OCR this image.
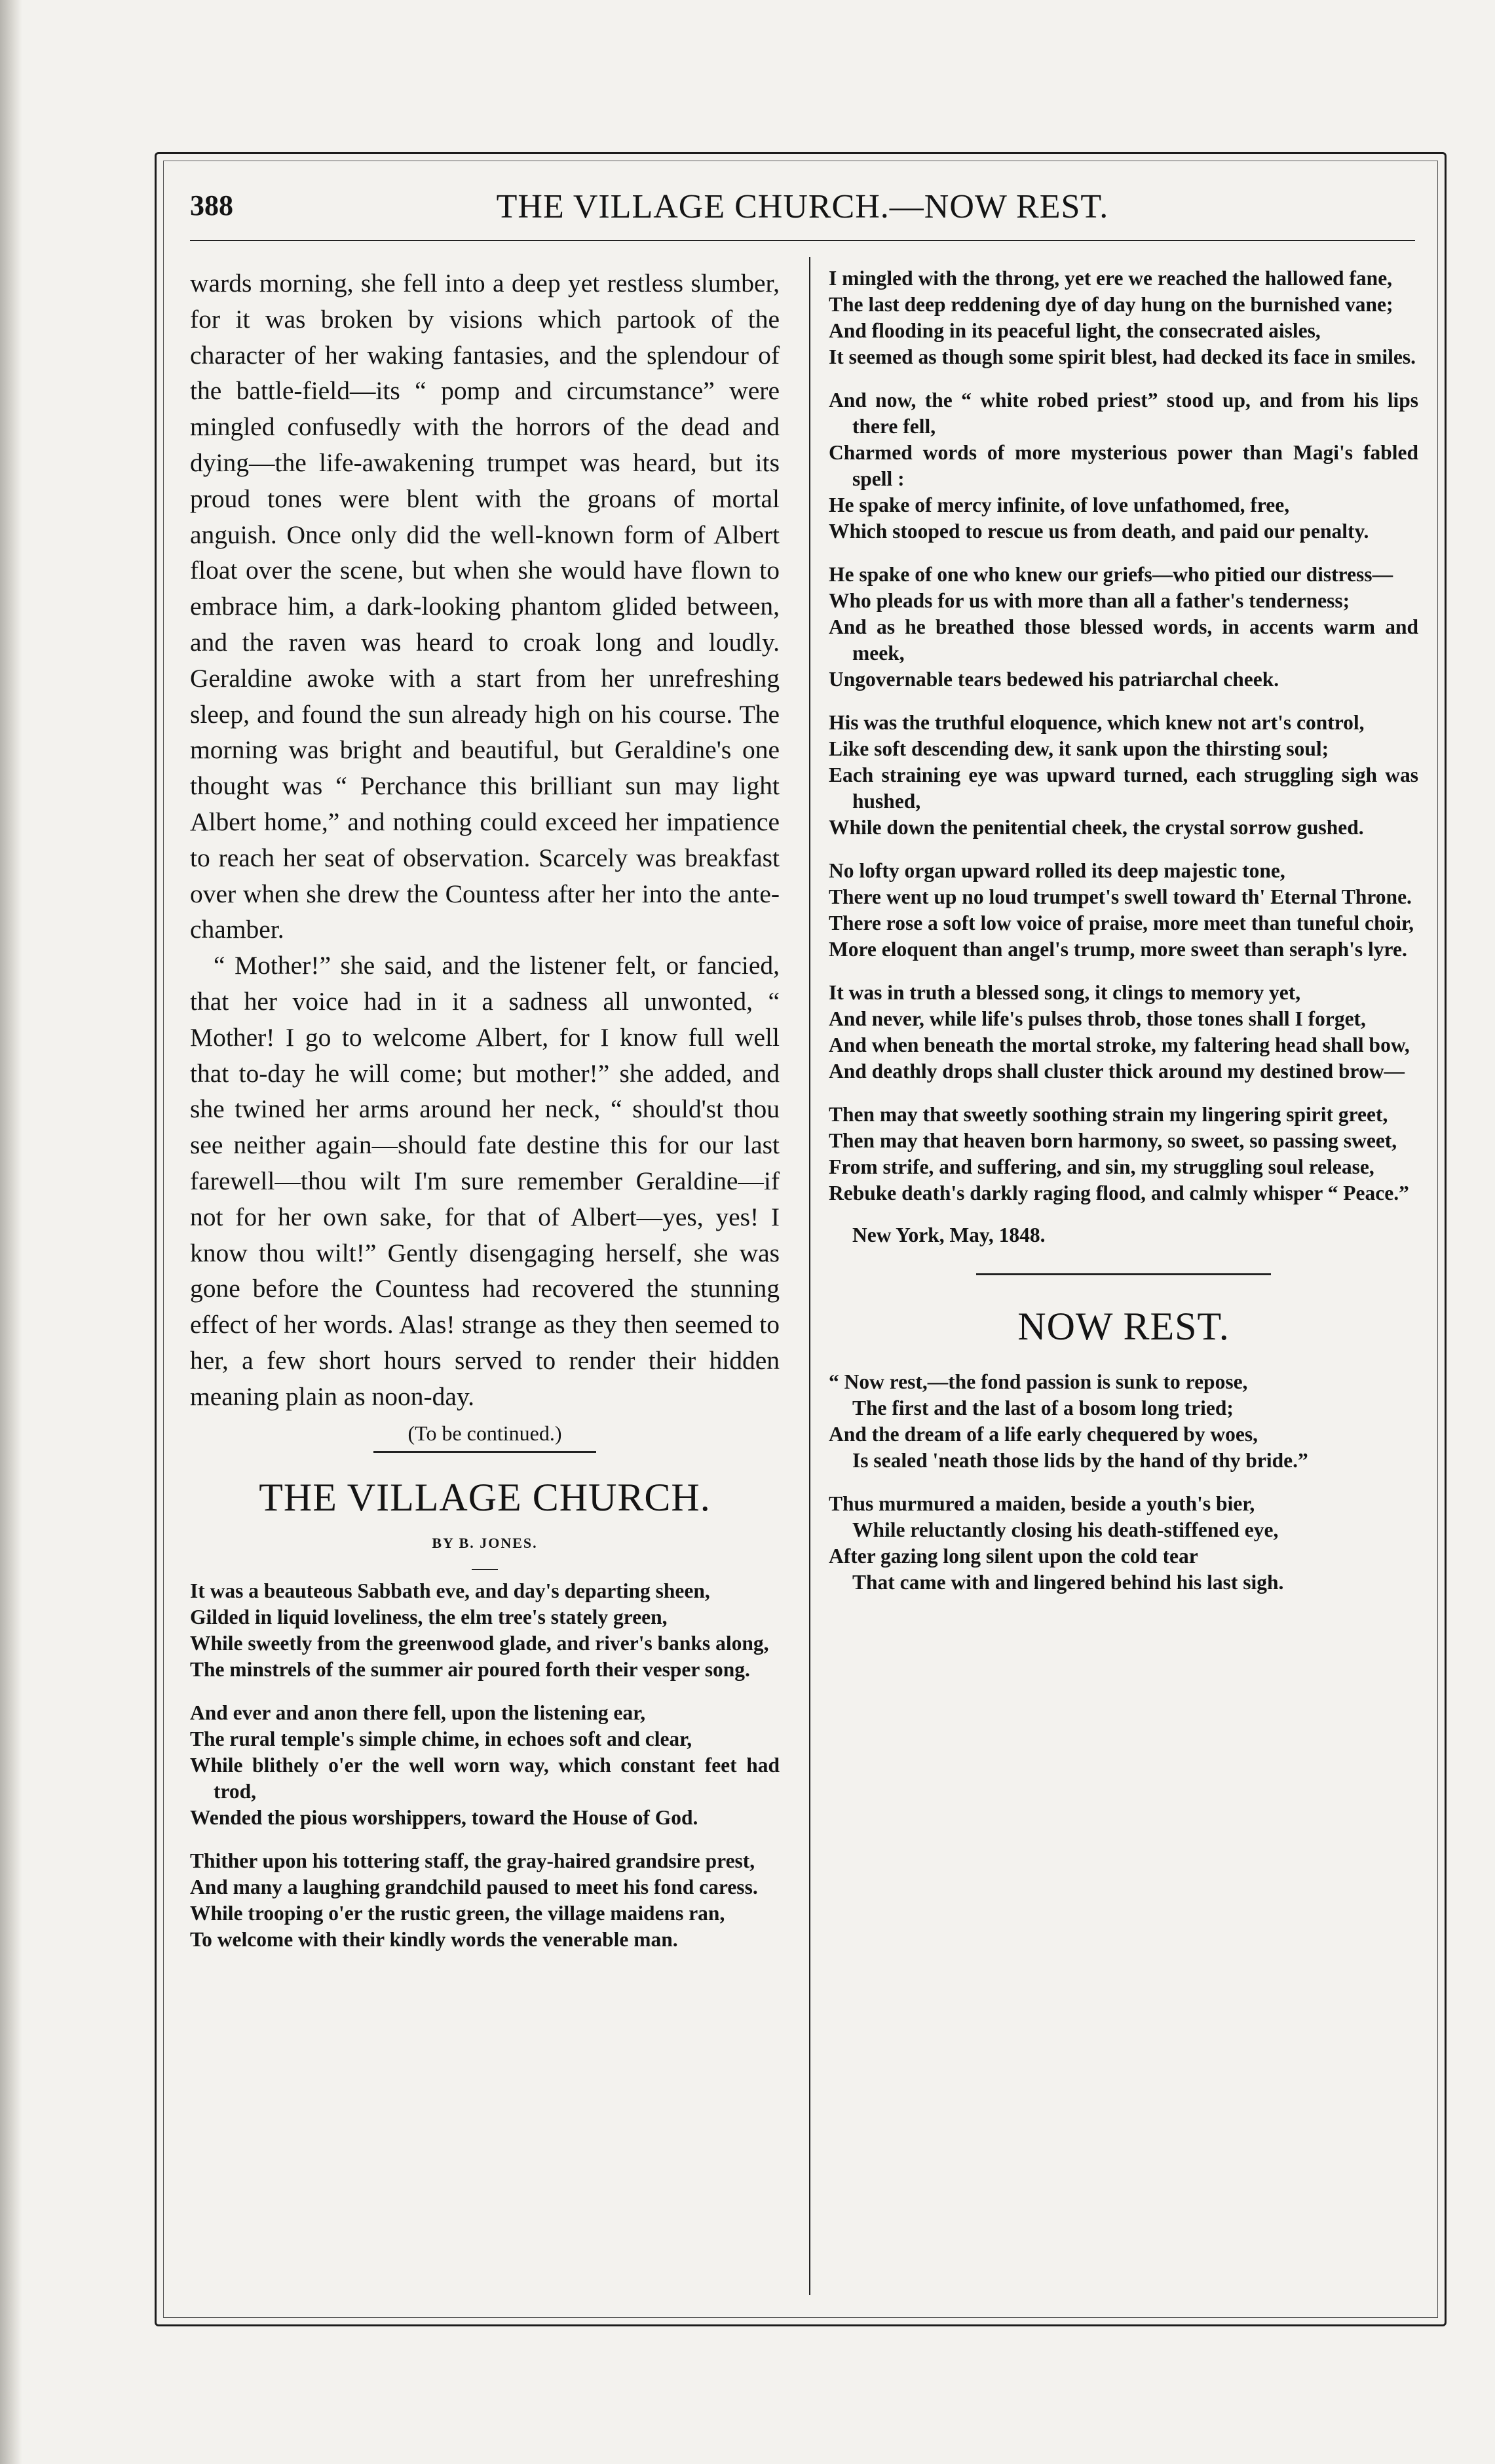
388	THE VILLAGE CHURCH.—NOW REST.

wards morning, she fell into a deep yet restless slumber, for it was broken by visions which partook of the character of her waking fantasies, and the splendour of the battle-field—its “ pomp and circumstance” were mingled confusedly with the horrors of the dead and dying—the life-awakening trumpet was heard, but its proud tones were blent with the groans of mortal anguish. Once only did the well-known form of Albert float over the scene, but when she would have flown to embrace him, a dark-looking phantom glided between, and the raven was heard to croak long and loudly. Geraldine awoke with a start from her unrefreshing sleep, and found the sun already high on his course. The morning was bright and beautiful, but Geraldine's one thought was “ Perchance this brilliant sun may light Albert home,” and nothing could exceed her impatience to reach her seat of observation. Scarcely was breakfast over when she drew the Countess after her into the ante-chamber.

“ Mother!” she said, and the listener felt, or fancied, that her voice had in it a sadness all unwonted, “ Mother! I go to welcome Albert, for I know full well that to-day he will come; but mother!” she added, and she twined her arms around her neck, “ should'st thou see neither again—should fate destine this for our last farewell—thou wilt I'm sure remember Geraldine—if not for her own sake, for that of Albert—yes, yes! I know thou wilt!” Gently disengaging herself, she was gone before the Countess had recovered the stunning effect of her words. Alas! strange as they then seemed to her, a few short hours served to render their hidden meaning plain as noon-day.

(To be continued.)
THE VILLAGE CHURCH.
BY B. JONES.
It was a beauteous Sabbath eve, and day's departing sheen,
Gilded in liquid loveliness, the elm tree's stately green,
While sweetly from the greenwood glade, and river's banks along,
The minstrels of the summer air poured forth their vesper song.
And ever and anon there fell, upon the listening ear,
The rural temple's simple chime, in echoes soft and clear,
While blithely o'er the well worn way, which constant feet had trod,
Wended the pious worshippers, toward the House of God.
Thither upon his tottering staff, the gray-haired grandsire prest,
And many a laughing grandchild paused to meet his fond caress.
While trooping o'er the rustic green, the village maidens ran,
To welcome with their kindly words the venerable man.
I mingled with the throng, yet ere we reached the hallowed fane,
The last deep reddening dye of day hung on the burnished vane;
And flooding in its peaceful light, the consecrated aisles,
It seemed as though some spirit blest, had decked its face in smiles.
And now, the “ white robed priest” stood up, and from his lips there fell,
Charmed words of more mysterious power than Magi's fabled spell :
He spake of mercy infinite, of love unfathomed, free,
Which stooped to rescue us from death, and paid our penalty.
He spake of one who knew our griefs—who pitied our distress—
Who pleads for us with more than all a father's tenderness;
And as he breathed those blessed words, in accents warm and meek,
Ungovernable tears bedewed his patriarchal cheek.
His was the truthful eloquence, which knew not art's control,
Like soft descending dew, it sank upon the thirsting soul;
Each straining eye was upward turned, each struggling sigh was hushed,
While down the penitential cheek, the crystal sorrow gushed.
No lofty organ upward rolled its deep majestic tone,
There went up no loud trumpet's swell toward th' Eternal Throne.
There rose a soft low voice of praise, more meet than tuneful choir,
More eloquent than angel's trump, more sweet than seraph's lyre.
It was in truth a blessed song, it clings to memory yet,
And never, while life's pulses throb, those tones shall I forget,
And when beneath the mortal stroke, my faltering head shall bow,
And deathly drops shall cluster thick around my destined brow—
Then may that sweetly soothing strain my lingering spirit greet,
Then may that heaven born harmony, so sweet, so passing sweet,
From strife, and suffering, and sin, my struggling soul release,
Rebuke death's darkly raging flood, and calmly whisper “ Peace.”
New York, May, 1848.
NOW REST.
“ Now rest,—the fond passion is sunk to repose,
The first and the last of a bosom long tried;
And the dream of a life early chequered by woes,
Is sealed 'neath those lids by the hand of thy bride.”
Thus murmured a maiden, beside a youth's bier,
While reluctantly closing his death-stiffened eye,
After gazing long silent upon the cold tear
That came with and lingered behind his last sigh.
